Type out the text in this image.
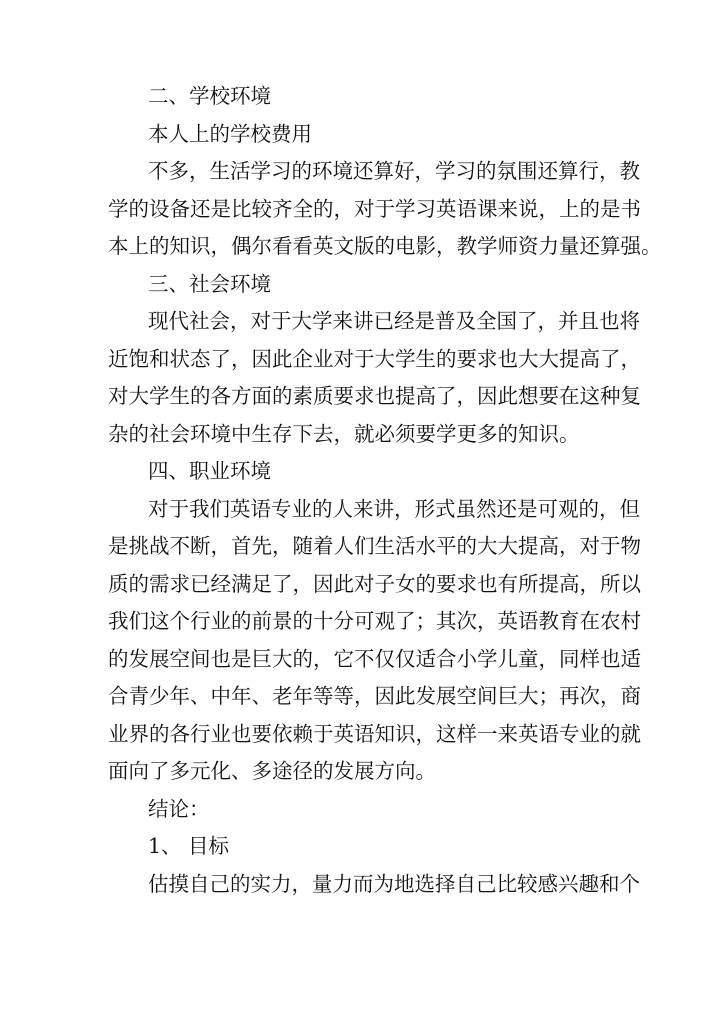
二、学校环境
本人上的学校费用
不多，生活学习的环境还算好，学习的氛围还算行，教
学的设备还是比较齐全的，对于学习英语课来说，上的是书
本上的知识，偶尔看看英文版的电影，教学师资力量还算强。
三、社会环境
现代社会，对于大学来讲已经是普及全国了，并且也将
近饱和状态了，因此企业对于大学生的要求也大大提高了，
对大学生的各方面的素质要求也提高了，因此想要在这种复
杂的社会环境中生存下去，就必须要学更多的知识。
四、职业环境
对于我们英语专业的人来讲，形式虽然还是可观的，但
是挑战不断，首先，随着人们生活水平的大大提高，对于物
质的需求已经满足了，因此对子女的要求也有所提高，所以
我们这个行业的前景的十分可观了；其次，英语教育在农村
的发展空间也是巨大的，它不仅仅适合小学儿童，同样也适
合青少年、中年、老年等等，因此发展空间巨大；再次，商
业界的各行业也要依赖于英语知识，这样一来英语专业的就
面向了多元化、多途径的发展方向。
结论：
1、 目标
估摸自己的实力，量力而为地选择自己比较感兴趣和个
